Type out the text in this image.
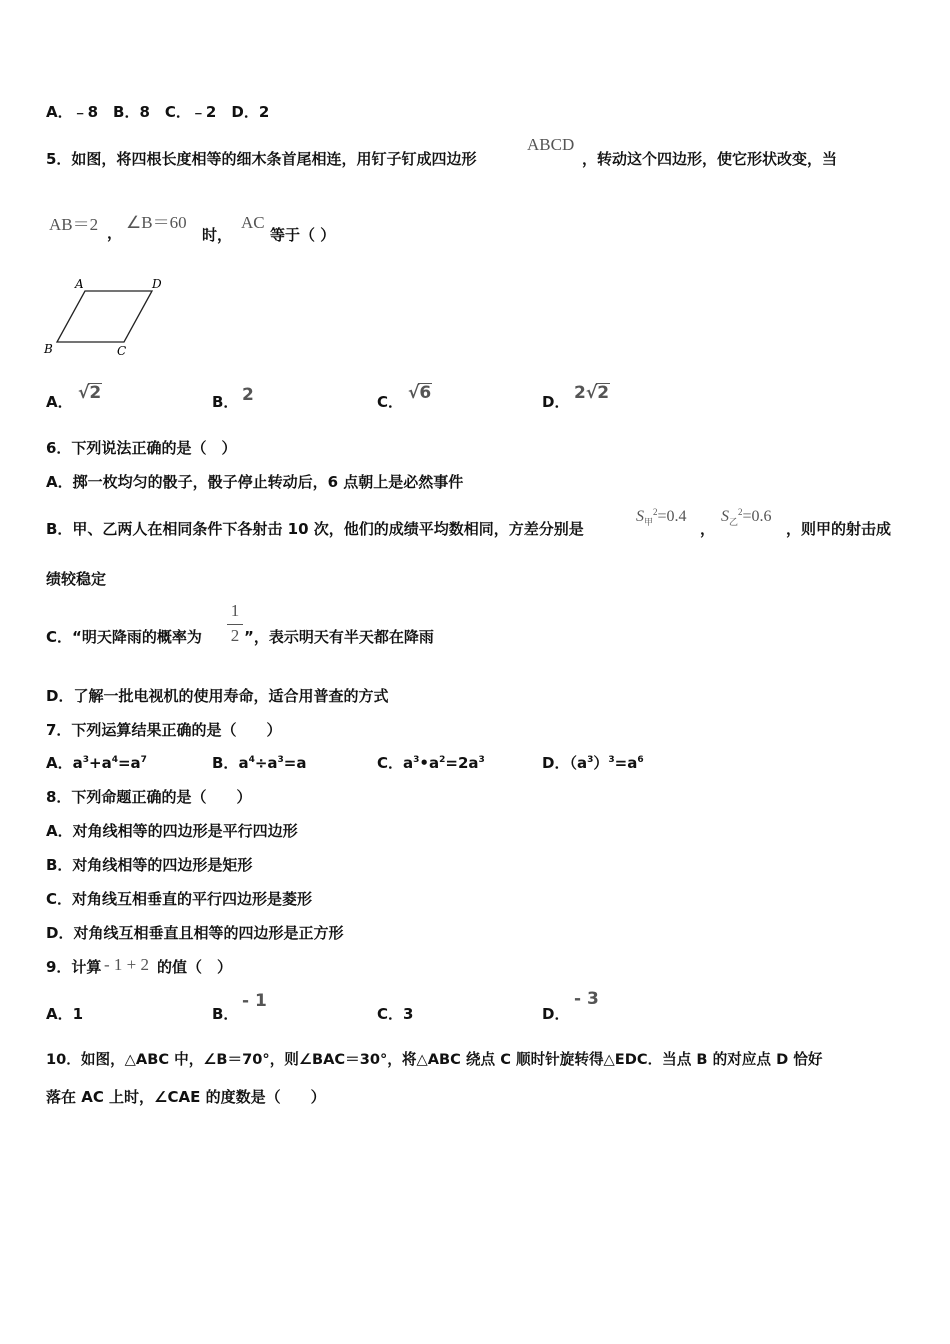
A．﹣8　B．8　C．﹣2　D．2
5．如图，将四根长度相等的细木条首尾相连，用钉子钉成四边形
ABCD
，转动这个四边形，使它形状改变，当
AB＝2 ，
∠B＝60
时，
AC
等于（ ）
A	D
B	C
A． √2	B． 2	C． √6	D． 2√2
6．下列说法正确的是（　）
A．掷一枚均匀的骰子，骰子停止转动后，6 点朝上是必然事件
B．甲、乙两人在相同条件下各射击 10 次，他们的成绩平均数相同，方差分别是
$S_甲^2=0.4$
，
$S_乙^2=0.6$
，则甲的射击成
绩较稳定
C．“明天降雨的概率为
1
2 ”，表示明天有半天都在降雨
D．了解一批电视机的使用寿命，适合用普查的方式
7．下列运算结果正确的是（　　）
A．$a^3+a^4=a^7$	B．$a^4\div a^3=a$	C．$a^3•a^2=2a^3$	D．$(a^3)^3=a^6$
8．下列命题正确的是（　　）
A．对角线相等的四边形是平行四边形
B．对角线相等的四边形是矩形
C．对角线互相垂直的平行四边形是菱形
D．对角线互相垂直且相等的四边形是正方形
9．计算 - 1 + 2 的值（　）
A．1	B．
- 1
C．3	D．
- 3
10．如图，△ABC 中，∠B＝70°，则∠BAC＝30°，将△ABC 绕点 C 顺时针旋转得△EDC．当点 B 的对应点 D 恰好
落在 AC 上时，∠CAE 的度数是（　　）
